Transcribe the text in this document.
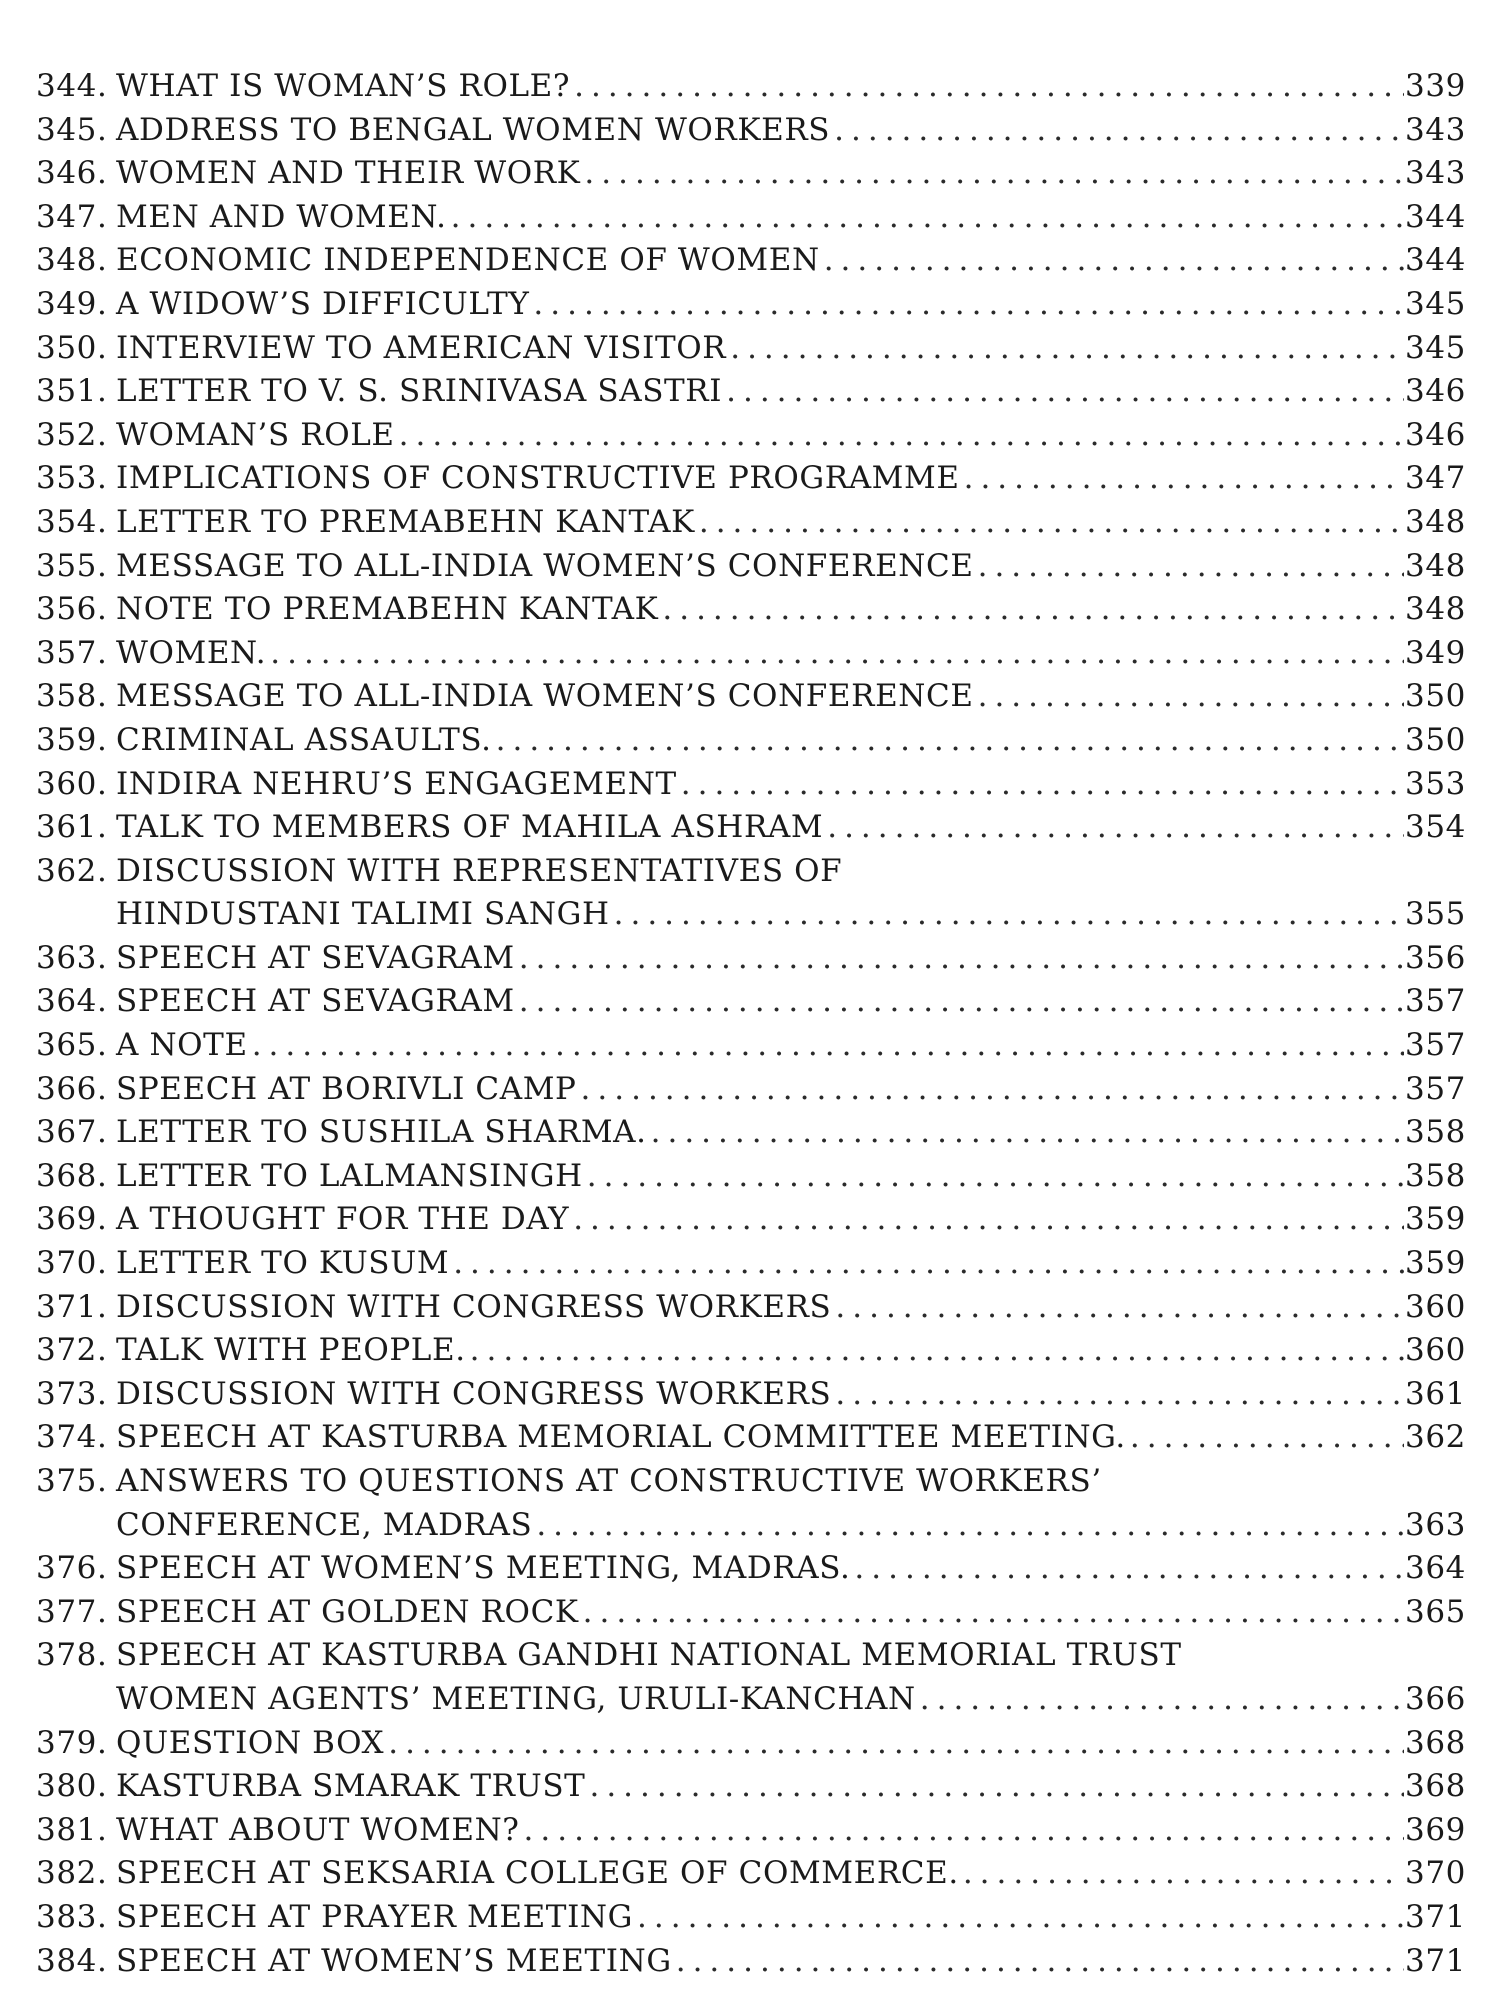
344. WHAT IS WOMAN’S ROLE? .....	339
345. ADDRESS TO BENGAL WOMEN WORKERS .....	343
346. WOMEN AND THEIR WORK .....	343
347. MEN AND WOMEN. .....	344
348. ECONOMIC INDEPENDENCE OF WOMEN .....	344
349. A WIDOW’S DIFFICULTY .....	345
350. INTERVIEW TO AMERICAN VISITOR .....	345
351. LETTER TO V. S. SRINIVASA SASTRI .....	346
352. WOMAN’S ROLE .....	346
353. IMPLICATIONS OF CONSTRUCTIVE PROGRAMME .....	347
354. LETTER TO PREMABEHN KANTAK .....	348
355. MESSAGE TO ALL-INDIA WOMEN’S CONFERENCE .....	348
356. NOTE TO PREMABEHN KANTAK .....	348
357. WOMEN. .....	349
358. MESSAGE TO ALL-INDIA WOMEN’S CONFERENCE .....	350
359. CRIMINAL ASSAULTS. .....	350
360. INDIRA NEHRU’S ENGAGEMENT .....	353
361. TALK TO MEMBERS OF MAHILA ASHRAM .....	354
362. DISCUSSION WITH REPRESENTATIVES OF
HINDUSTANI TALIMI SANGH .....	355
363. SPEECH AT SEVAGRAM .....	356
364. SPEECH AT SEVAGRAM .....	357
365. A NOTE .....	357
366. SPEECH AT BORIVLI CAMP .....	357
367. LETTER TO SUSHILA SHARMA. .....	358
368. LETTER TO LALMANSINGH .....	358
369. A THOUGHT FOR THE DAY .....	359
370. LETTER TO KUSUM .....	359
371. DISCUSSION WITH CONGRESS WORKERS .....	360
372. TALK WITH PEOPLE. .....	360
373. DISCUSSION WITH CONGRESS WORKERS .....	361
374. SPEECH AT KASTURBA MEMORIAL COMMITTEE MEETING. .....	362
375. ANSWERS TO QUESTIONS AT CONSTRUCTIVE WORKERS’
CONFERENCE, MADRAS .....	363
376. SPEECH AT WOMEN’S MEETING, MADRAS. .....	364
377. SPEECH AT GOLDEN ROCK .....	365
378. SPEECH AT KASTURBA GANDHI NATIONAL MEMORIAL TRUST
WOMEN AGENTS’ MEETING, URULI-KANCHAN .....	366
379. QUESTION BOX .....	368
380. KASTURBA SMARAK TRUST .....	368
381. WHAT ABOUT WOMEN? .....	369
382. SPEECH AT SEKSARIA COLLEGE OF COMMERCE. .....	370
383. SPEECH AT PRAYER MEETING .....	371
384. SPEECH AT WOMEN’S MEETING .....	371
